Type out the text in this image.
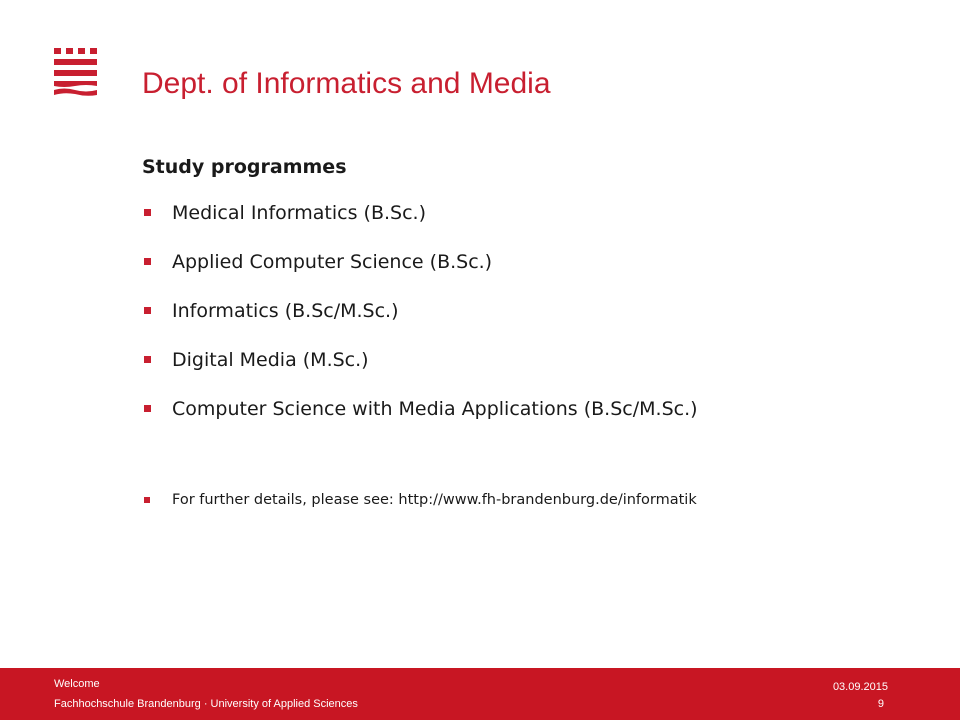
Dept. of Informatics and Media
Study programmes
Medical Informatics (B.Sc.)
Applied Computer Science (B.Sc.)
Informatics (B.Sc/M.Sc.)
Digital Media (M.Sc.)
Computer Science with Media Applications (B.Sc/M.Sc.)
For further details, please see: http://www.fh-brandenburg.de/informatik
Welcome
Fachhochschule Brandenburg · University of Applied Sciences
03.09.2015
9
